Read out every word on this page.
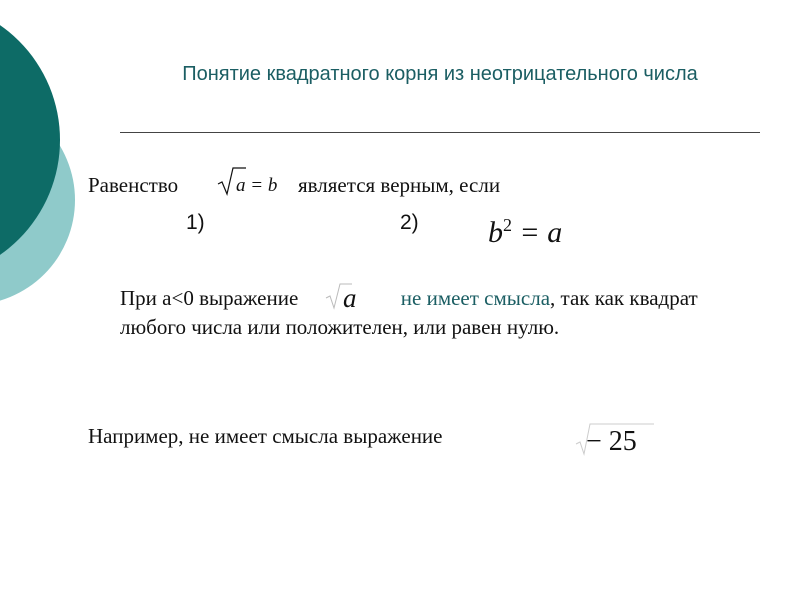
Понятие квадратного корня из неотрицательного числа
Равенство	a = b является верным, если
1)	2) $b^2 = a$
При a<0 выражение a не имеет смысла, так как квадрат любого числа или положителен, или равен нулю.
Например, не имеет смысла выражение	− 25
